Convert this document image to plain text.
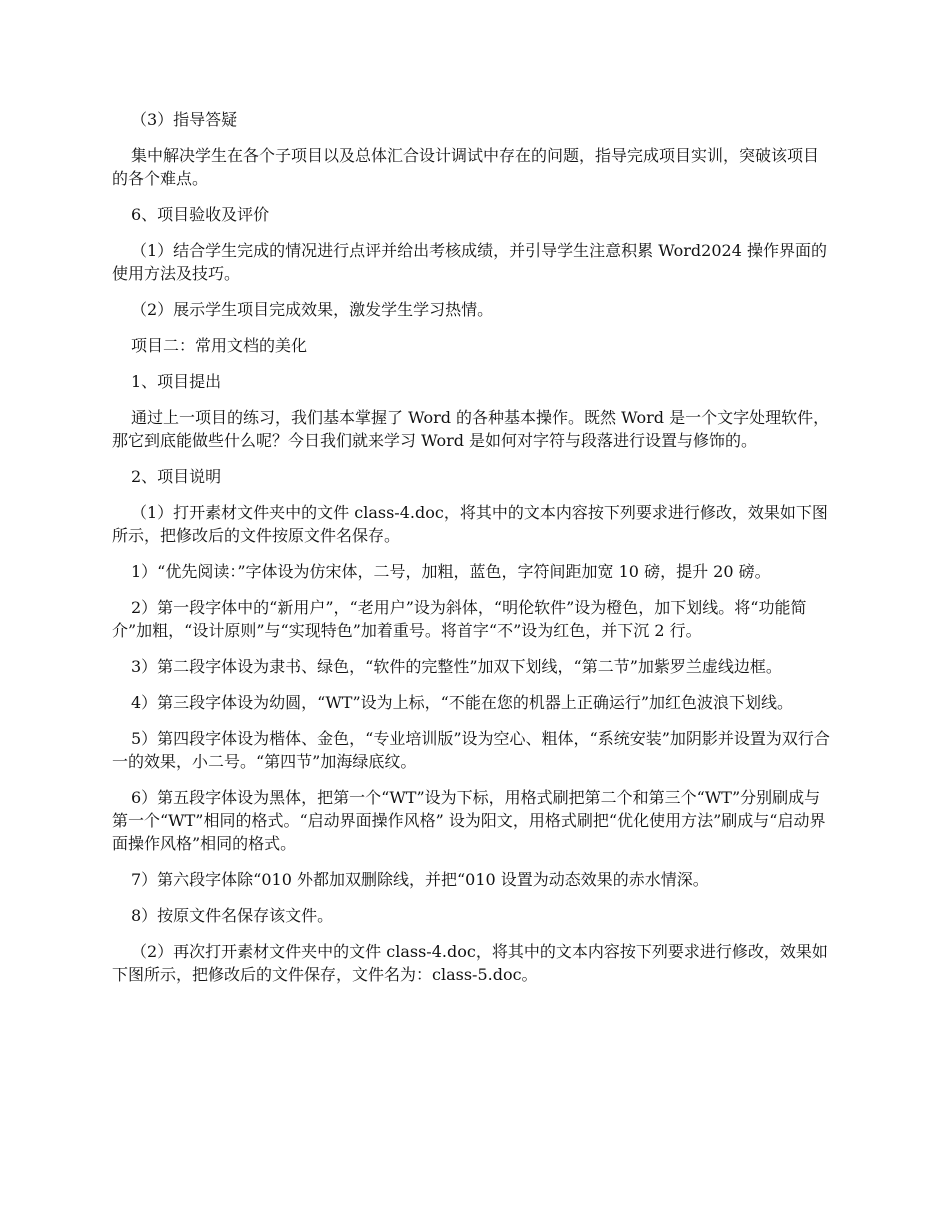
（3）指导答疑

集中解决学生在各个子项目以及总体汇合设计调试中存在的问题，指导完成项目实训，突破该项目的各个难点。

6、项目验收及评价

（1）结合学生完成的情况进行点评并给出考核成绩，并引导学生注意积累 Word2024 操作界面的使用方法及技巧。

（2）展示学生项目完成效果，激发学生学习热情。

项目二：常用文档的美化

1、项目提出

通过上一项目的练习，我们基本掌握了 Word 的各种基本操作。既然 Word 是一个文字处理软件，那它到底能做些什么呢？今日我们就来学习 Word 是如何对字符与段落进行设置与修饰的。

2、项目说明

（1）打开素材文件夹中的文件 class-4.doc，将其中的文本内容按下列要求进行修改，效果如下图所示，把修改后的文件按原文件名保存。

1）“优先阅读：”字体设为仿宋体，二号，加粗，蓝色，字符间距加宽 10 磅，提升 20 磅。

2）第一段字体中的“新用户”，“老用户”设为斜体，“明伦软件”设为橙色，加下划线。将“功能简介”加粗，“设计原则”与“实现特色”加着重号。将首字“不”设为红色，并下沉 2 行。

3）第二段字体设为隶书、绿色，“软件的完整性”加双下划线，“第二节”加紫罗兰虚线边框。

4）第三段字体设为幼圆，“WT”设为上标，“不能在您的机器上正确运行”加红色波浪下划线。

5）第四段字体设为楷体、金色，“专业培训版”设为空心、粗体，“系统安装”加阴影并设置为双行合一的效果，小二号。“第四节”加海绿底纹。

6）第五段字体设为黑体，把第一个“WT”设为下标，用格式刷把第二个和第三个“WT”分别刷成与第一个“WT”相同的格式。“启动界面操作风格” 设为阳文，用格式刷把“优化使用方法”刷成与“启动界面操作风格”相同的格式。

7）第六段字体除“010 外都加双删除线，并把“010 设置为动态效果的赤水情深。

8）按原文件名保存该文件。

（2）再次打开素材文件夹中的文件 class-4.doc，将其中的文本内容按下列要求进行修改，效果如下图所示，把修改后的文件保存，文件名为：class-5.doc。
